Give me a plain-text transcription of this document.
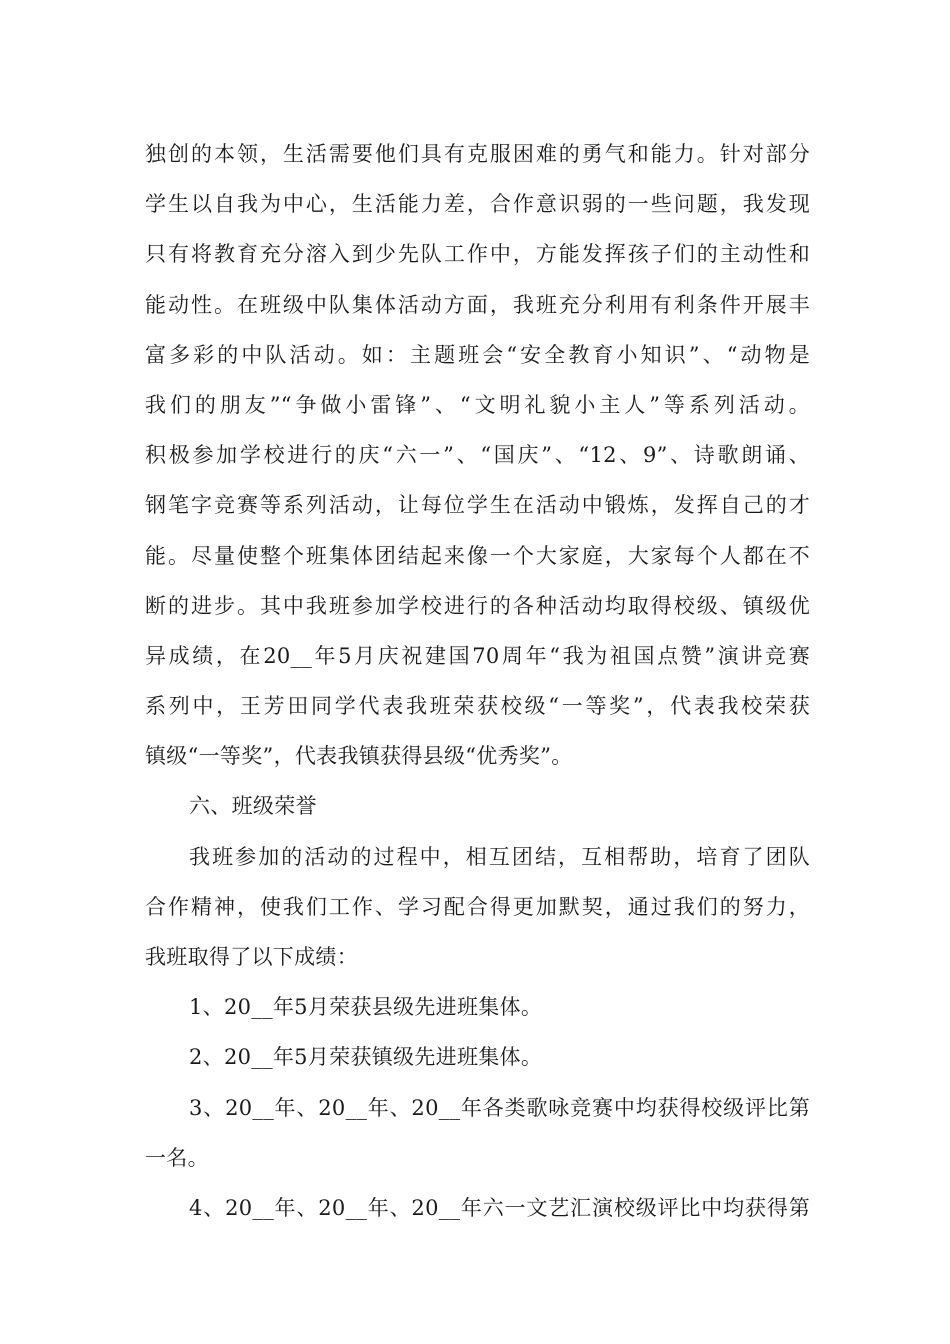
独创的本领，生活需要他们具有克服困难的勇气和能力。针对部分
学生以自我为中心，生活能力差，合作意识弱的一些问题，我发现
只有将教育充分溶入到少先队工作中，方能发挥孩子们的主动性和
能动性。在班级中队集体活动方面，我班充分利用有利条件开展丰
富多彩的中队活动。如：主题班会“安全教育小知识”、“动物是
我们的朋友”“争做小雷锋”、“文明礼貌小主人”等系列活动。
积极参加学校进行的庆“六一”、“国庆”、“12、9”、诗歌朗诵、
钢笔字竞赛等系列活动，让每位学生在活动中锻炼，发挥自己的才
能。尽量使整个班集体团结起来像一个大家庭，大家每个人都在不
断的进步。其中我班参加学校进行的各种活动均取得校级、镇级优
异成绩，在20__年5月庆祝建国70周年“我为祖国点赞”演讲竞赛
系列中，王芳田同学代表我班荣获校级“一等奖”，代表我校荣获
镇级“一等奖”，代表我镇获得县级“优秀奖”。
六、班级荣誉
我班参加的活动的过程中，相互团结，互相帮助，培育了团队
合作精神，使我们工作、学习配合得更加默契，通过我们的努力，
我班取得了以下成绩：
1、20__年5月荣获县级先进班集体。
2、20__年5月荣获镇级先进班集体。
3、20__年、20__年、20__年各类歌咏竞赛中均获得校级评比第
一名。
4、20__年、20__年、20__年六一文艺汇演校级评比中均获得第
